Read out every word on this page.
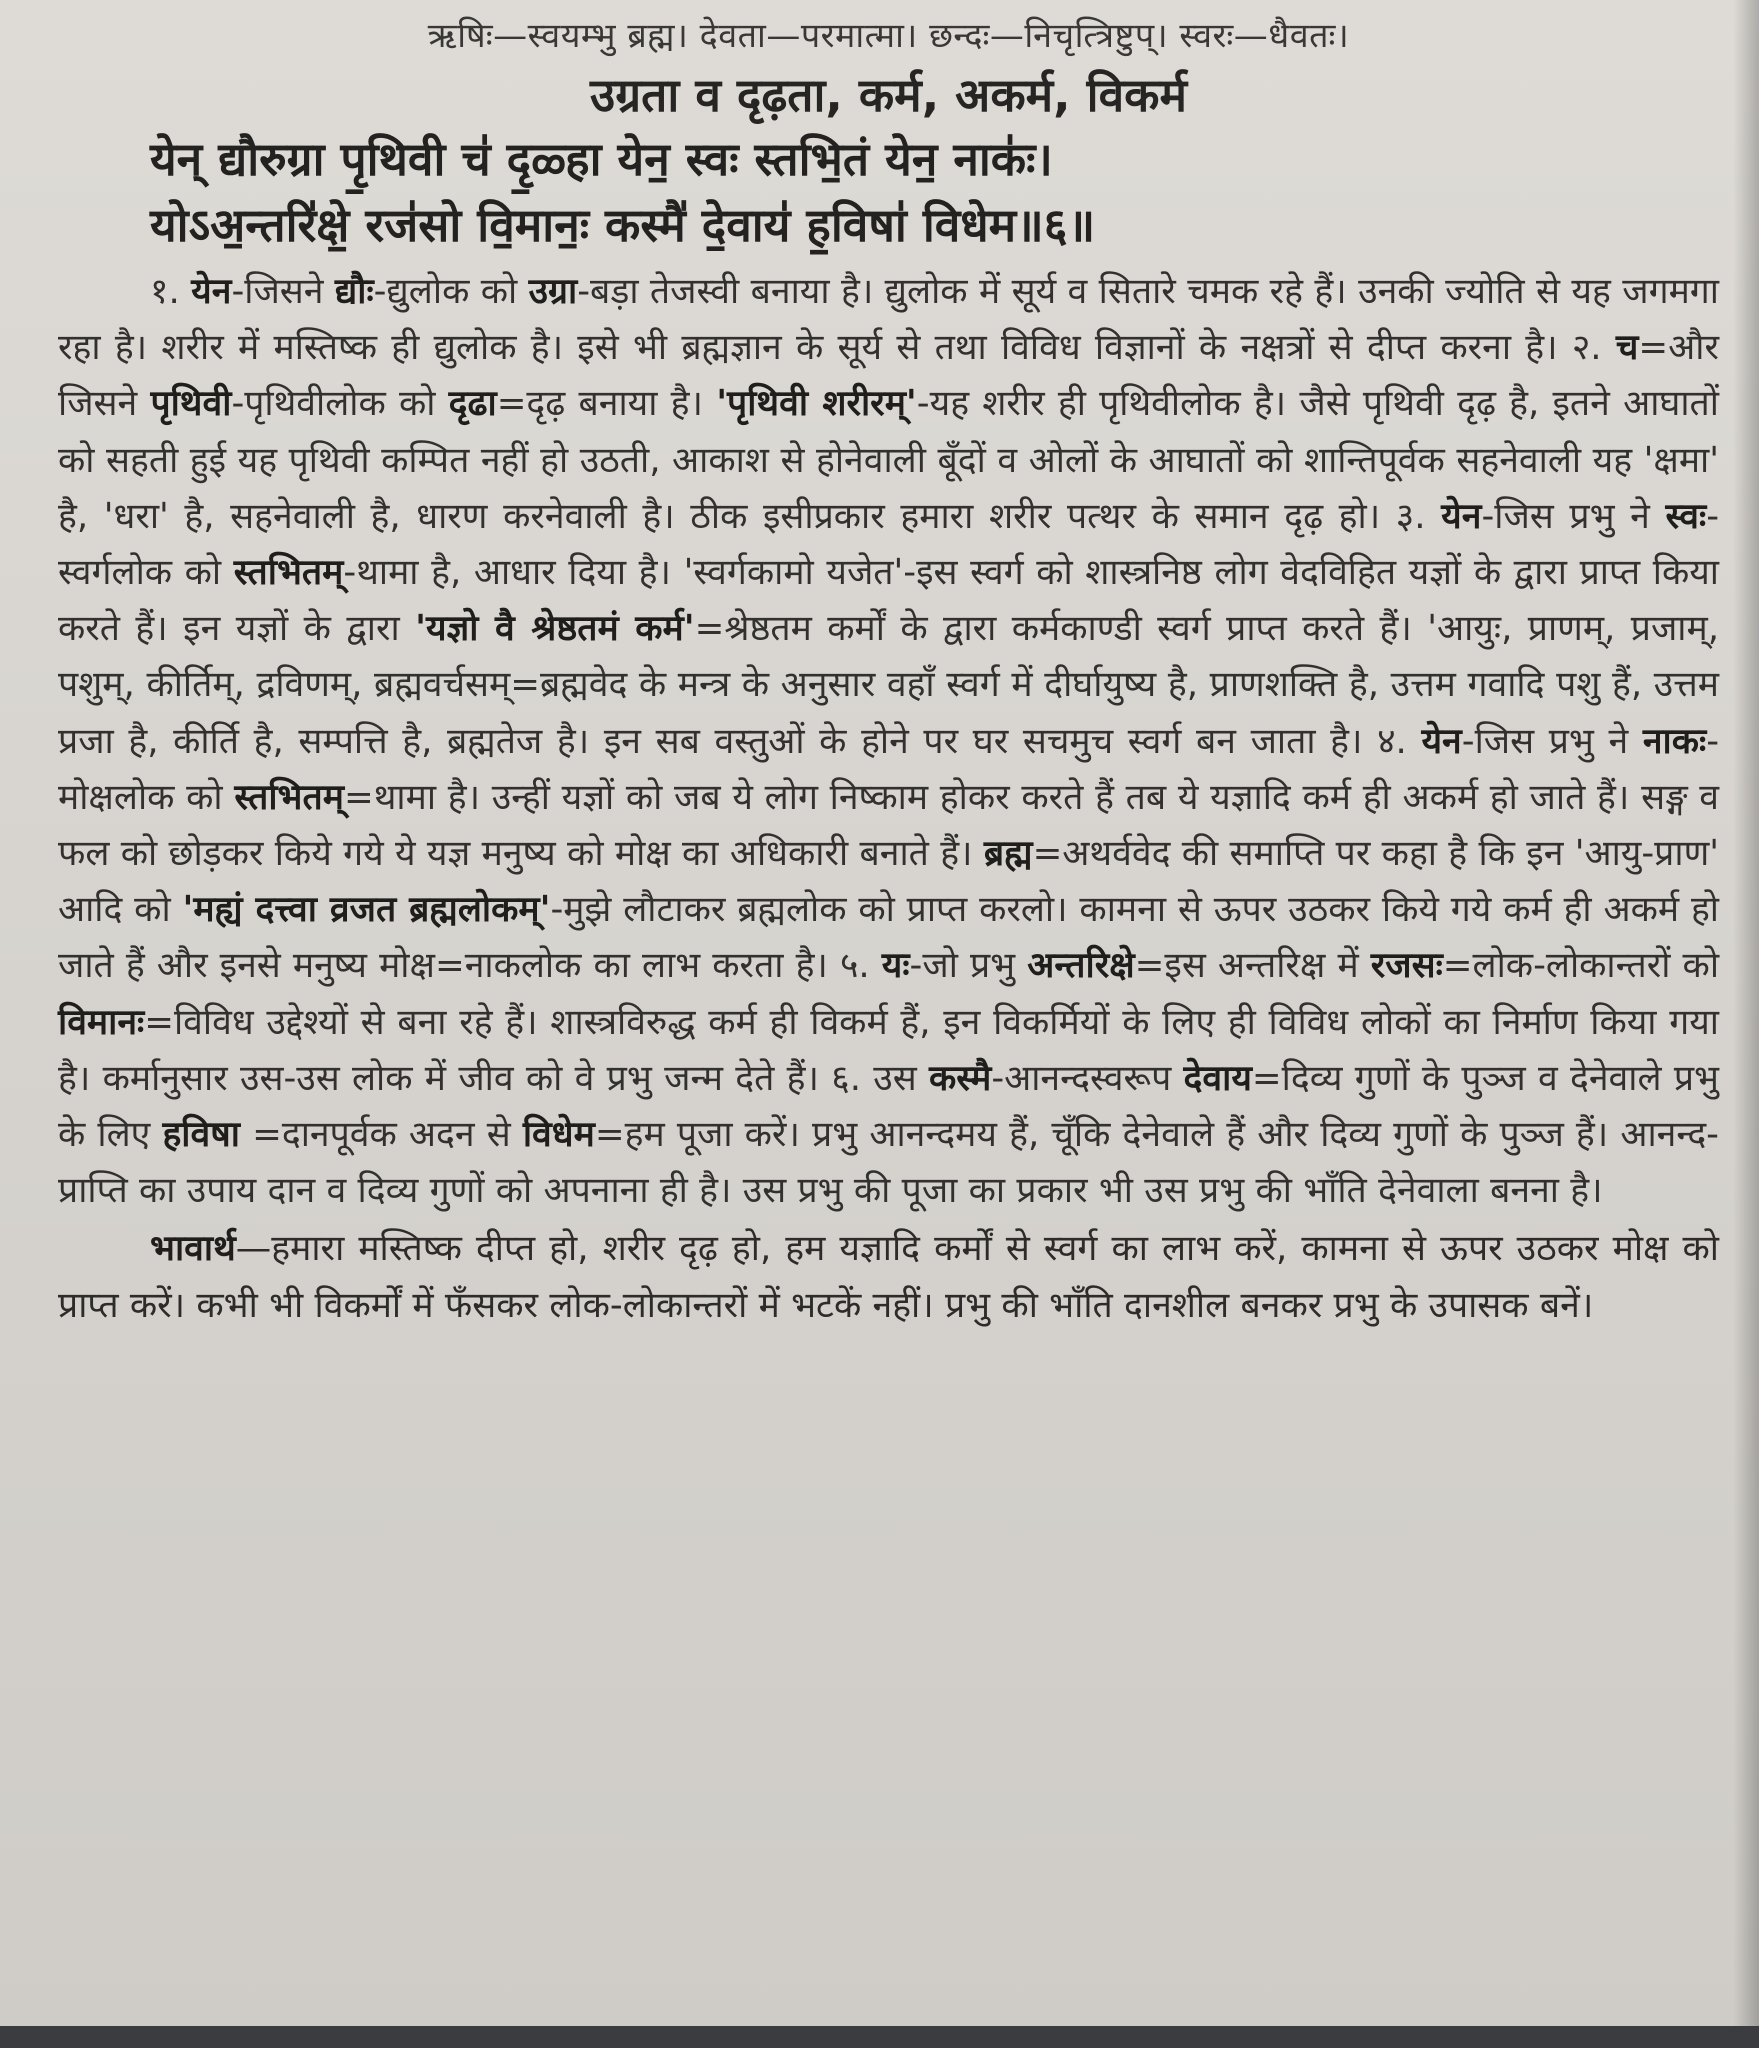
ऋषिः—स्वयम्भु ब्रह्म। देवता—परमात्मा। छन्दः—निचृत्त्रिष्टुप्। स्वरः—धैवतः।
उग्रता व दृढ़ता, कर्म, अकर्म, विकर्म
येन् द्यौरुग्रा पृ॒थिवी च॑ दृ॒ळ्हा येन॒ स्वः स्तभि॒तं येन॒ नाकः॑।
योऽअ॒न्तरि॑क्षे॒ रज॑सो वि॒मानः॒ कस्मै॑ दे॒वाय॑ ह॒विषा॑ विधेम॥६॥

१. येन-जिसने द्यौः-द्युलोक को उग्रा-बड़ा तेजस्वी बनाया है। द्युलोक में सूर्य व सितारे चमक रहे हैं। उनकी ज्योति से यह जगमगा रहा है। शरीर में मस्तिष्क ही द्युलोक है। इसे भी ब्रह्मज्ञान के सूर्य से तथा विविध विज्ञानों के नक्षत्रों से दीप्त करना है। २. च=और जिसने पृथिवी-पृथिवीलोक को दृढा=दृढ़ बनाया है। 'पृथिवी शरीरम्'-यह शरीर ही पृथिवीलोक है। जैसे पृथिवी दृढ़ है, इतने आघातों को सहती हुई यह पृथिवी कम्पित नहीं हो उठती, आकाश से होनेवाली बूँदों व ओलों के आघातों को शान्तिपूर्वक सहनेवाली यह 'क्षमा' है, 'धरा' है, सहनेवाली है, धारण करनेवाली है। ठीक इसीप्रकार हमारा शरीर पत्थर के समान दृढ़ हो। ३. येन-जिस प्रभु ने स्वः-स्वर्गलोक को स्तभितम्-थामा है, आधार दिया है। 'स्वर्गकामो यजेत'-इस स्वर्ग को शास्त्रनिष्ठ लोग वेदविहित यज्ञों के द्वारा प्राप्त किया करते हैं। इन यज्ञों के द्वारा 'यज्ञो वै श्रेष्ठतमं कर्म'=श्रेष्ठतम कर्मों के द्वारा कर्मकाण्डी स्वर्ग प्राप्त करते हैं। 'आयुः, प्राणम्, प्रजाम्, पशुम्, कीर्तिम्, द्रविणम्, ब्रह्मवर्चसम्=ब्रह्मवेद के मन्त्र के अनुसार वहाँ स्वर्ग में दीर्घायुष्य है, प्राणशक्ति है, उत्तम गवादि पशु हैं, उत्तम प्रजा है, कीर्ति है, सम्पत्ति है, ब्रह्मतेज है। इन सब वस्तुओं के होने पर घर सचमुच स्वर्ग बन जाता है। ४. येन-जिस प्रभु ने नाकः-मोक्षलोक को स्तभितम्=थामा है। उन्हीं यज्ञों को जब ये लोग निष्काम होकर करते हैं तब ये यज्ञादि कर्म ही अकर्म हो जाते हैं। सङ्ग व फल को छोड़कर किये गये ये यज्ञ मनुष्य को मोक्ष का अधिकारी बनाते हैं। ब्रह्म=अथर्ववेद की समाप्ति पर कहा है कि इन 'आयु-प्राण' आदि को 'मह्यं दत्त्वा व्रजत ब्रह्मलोकम्'-मुझे लौटाकर ब्रह्मलोक को प्राप्त करलो। कामना से ऊपर उठकर किये गये कर्म ही अकर्म हो जाते हैं और इनसे मनुष्य मोक्ष=नाकलोक का लाभ करता है। ५. यः-जो प्रभु अन्तरिक्षे=इस अन्तरिक्ष में रजसः=लोक-लोकान्तरों को विमानः=विविध उद्देश्यों से बना रहे हैं। शास्त्रविरुद्ध कर्म ही विकर्म हैं, इन विकर्मियों के लिए ही विविध लोकों का निर्माण किया गया है। कर्मानुसार उस-उस लोक में जीव को वे प्रभु जन्म देते हैं। ६. उस कस्मै-आनन्दस्वरूप देवाय=दिव्य गुणों के पुञ्ज व देनेवाले प्रभु के लिए हविषा =दानपूर्वक अदन से विधेम=हम पूजा करें। प्रभु आनन्दमय हैं, चूँकि देनेवाले हैं और दिव्य गुणों के पुञ्ज हैं। आनन्द-प्राप्ति का उपाय दान व दिव्य गुणों को अपनाना ही है। उस प्रभु की पूजा का प्रकार भी उस प्रभु की भाँति देनेवाला बनना है।

भावार्थ—हमारा मस्तिष्क दीप्त हो, शरीर दृढ़ हो, हम यज्ञादि कर्मों से स्वर्ग का लाभ करें, कामना से ऊपर उठकर मोक्ष को प्राप्त करें। कभी भी विकर्मों में फँसकर लोक-लोकान्तरों में भटकें नहीं। प्रभु की भाँति दानशील बनकर प्रभु के उपासक बनें।
